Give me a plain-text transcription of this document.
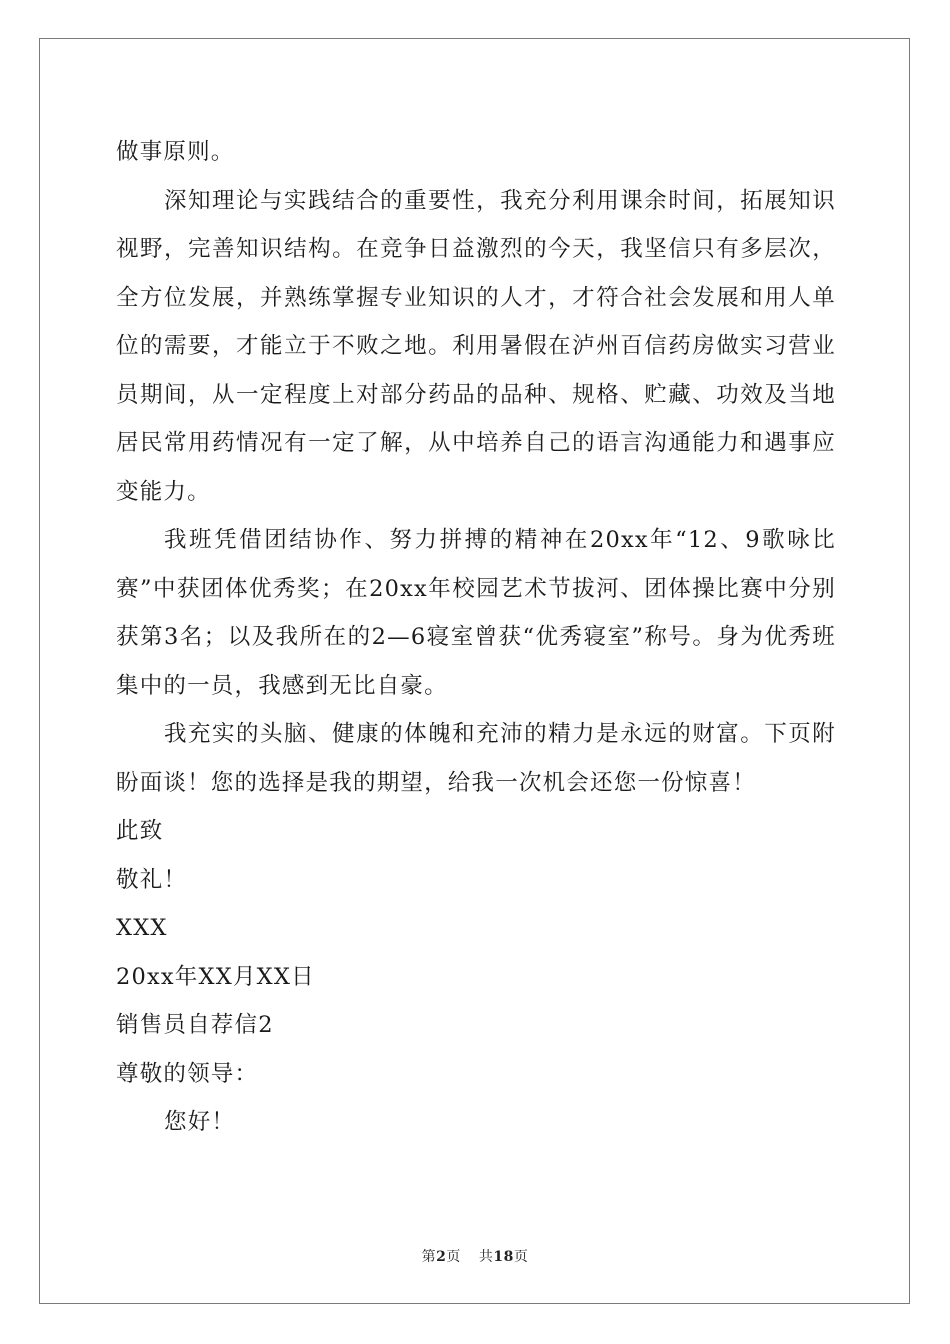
做事原则。

深知理论与实践结合的重要性，我充分利用课余时间，拓展知识视野，完善知识结构。在竞争日益激烈的今天，我坚信只有多层次，全方位发展，并熟练掌握专业知识的人才，才符合社会发展和用人单位的需要，才能立于不败之地。利用暑假在泸州百信药房做实习营业员期间，从一定程度上对部分药品的品种、规格、贮藏、功效及当地居民常用药情况有一定了解，从中培养自己的语言沟通能力和遇事应变能力。

我班凭借团结协作、努力拼搏的精神在20xx年“12、9歌咏比赛”中获团体优秀奖；在20xx年校园艺术节拔河、团体操比赛中分别获第3名；以及我所在的2—6寝室曾获“优秀寝室”称号。身为优秀班集中的一员，我感到无比自豪。

我充实的头脑、健康的体魄和充沛的精力是永远的财富。下页附盼面谈！您的选择是我的期望，给我一次机会还您一份惊喜！

此致

敬礼！

XXX

20xx年XX月XX日

销售员自荐信2

尊敬的领导：

您好！

第2页 共18页
